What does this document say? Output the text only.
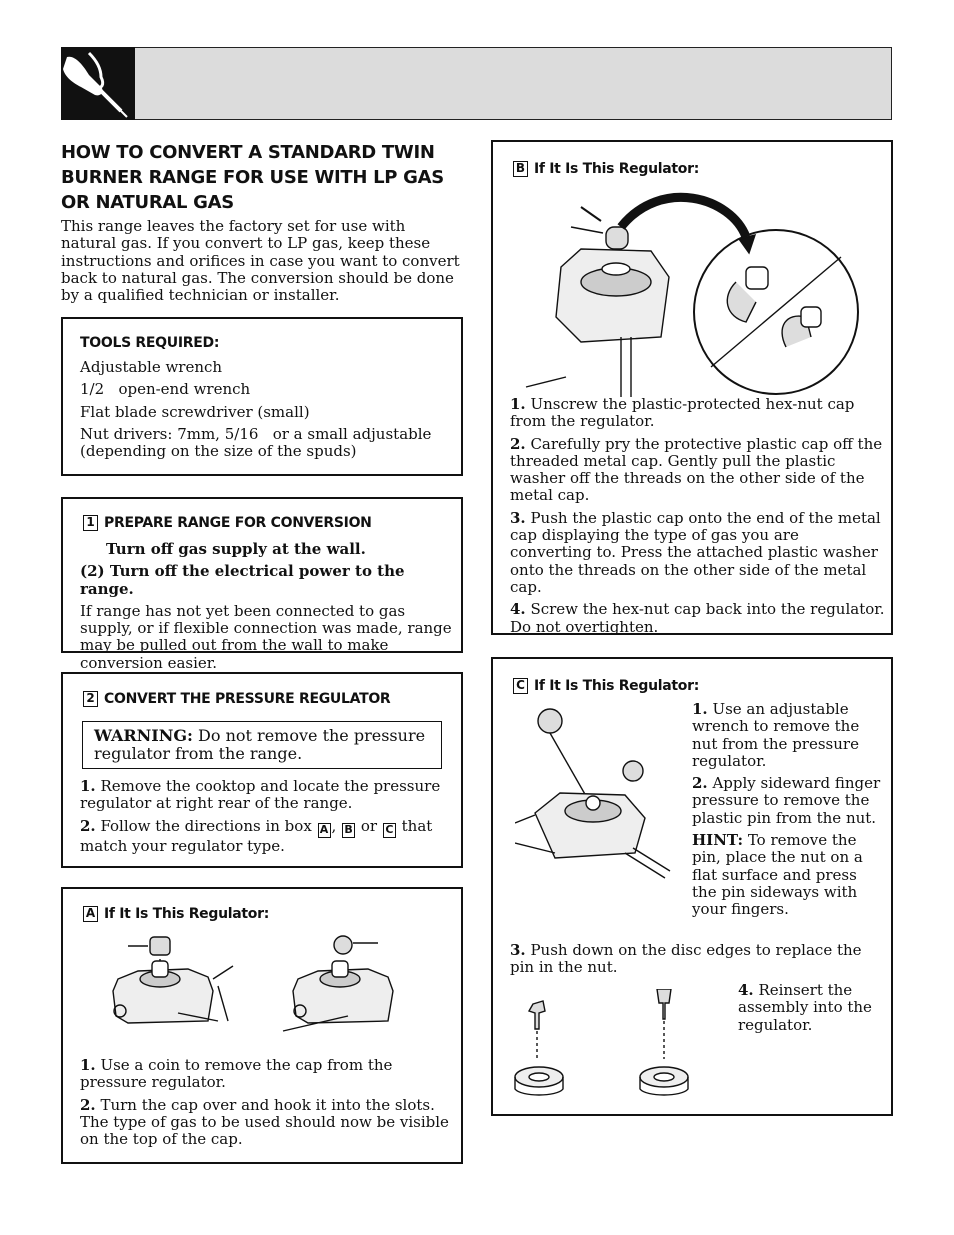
HOW TO CONVERT A STANDARD TWIN BURNER RANGE FOR USE WITH LP GAS OR NATURAL GAS
This range leaves the factory set for use with natural gas. If you convert to LP gas, keep these instructions and orifices in case you want to convert back to natural gas. The conversion should be done by a qualified technician or installer.
TOOLS REQUIRED:

Adjustable wrench

1/2   open-end wrench

Flat blade screwdriver (small)

Nut drivers: 7mm, 5/16   or a small adjustable (depending on the size of the spuds)

1 PREPARE RANGE FOR CONVERSION

Turn off gas supply at the wall.

(2) Turn off the electrical power to the range.

If range has not yet been connected to gas supply, or if flexible connection was made, range may be pulled out from the wall to make conversion easier.

2 CONVERT THE PRESSURE REGULATOR
WARNING: Do not remove the pressure regulator from the range.

1. Remove the cooktop and locate the pressure regulator at right rear of the range.

2. Follow the directions in box A , B or C that match your regulator type.

A If It Is This Regulator:

1. Use a coin to remove the cap from the pressure regulator.

2. Turn the cap over and hook it into the slots. The type of gas to be used should now be visible on the top of the cap.

B If It Is This Regulator:

1. Unscrew the plastic-protected hex-nut cap from the regulator.

2. Carefully pry the protective plastic cap off the threaded metal cap. Gently pull the plastic washer off the threads on the other side of the metal cap.

3. Push the plastic cap onto the end of the metal cap displaying the type of gas you are converting to. Press the attached plastic washer onto the threads on the other side of the metal cap.

4. Screw the hex-nut cap back into the regulator. Do not overtighten.

C If It Is This Regulator:

1. Use an adjustable wrench to remove the nut from the pressure regulator.

2. Apply sideward finger pressure to remove the plastic pin from the nut.

HINT: To remove the pin, place the nut on a flat surface and press the pin sideways with your fingers.

3. Push down on the disc edges to replace the pin in the nut.

4. Reinsert the assembly into the regulator.
